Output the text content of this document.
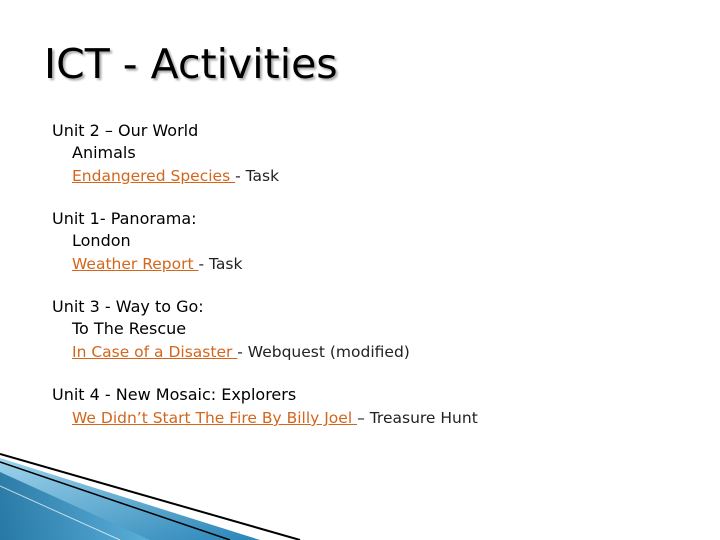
ICT - Activities
Unit 2 – Our World
Animals
Endangered Species - Task
Unit 1- Panorama:
London
Weather Report - Task
Unit 3 - Way to Go:
To The Rescue
In Case of a Disaster - Webquest (modified)
Unit 4 - New Mosaic: Explorers
We Didn’t Start The Fire By Billy Joel – Treasure Hunt
